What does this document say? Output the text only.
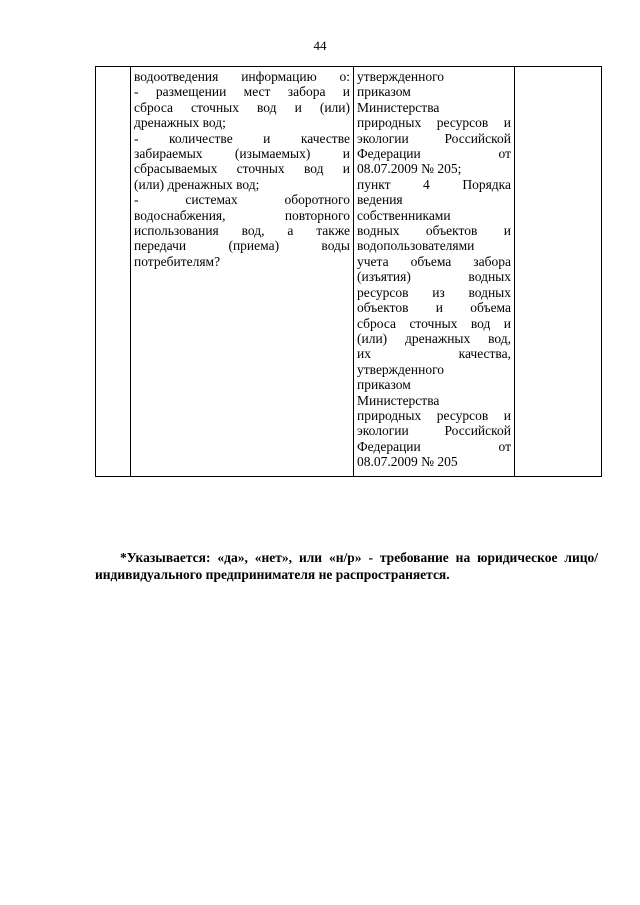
44

водоотведения информацию о:
- размещении мест забора и
сброса сточных вод и (или)
дренажных вод;
- количестве и качестве
забираемых (изымаемых) и
сбрасываемых сточных вод и
(или) дренажных вод;
- системах оборотного
водоснабжения, повторного
использования вод, а также
передачи (приема) воды
потребителям?

утвержденного
приказом
Министерства
природных ресурсов и
экологии Российской
Федерации от
08.07.2009 № 205;
пункт 4 Порядка
ведения
собственниками
водных объектов и
водопользователями
учета объема забора
(изъятия) водных
ресурсов из водных
объектов и объема
сброса сточных вод и
(или) дренажных вод,
их качества,
утвержденного
приказом
Министерства
природных ресурсов и
экологии Российской
Федерации от
08.07.2009 № 205

*Указывается: «да», «нет», или «н/р» - требование на юридическое лицо/индивидуального предпринимателя не распространяется.
